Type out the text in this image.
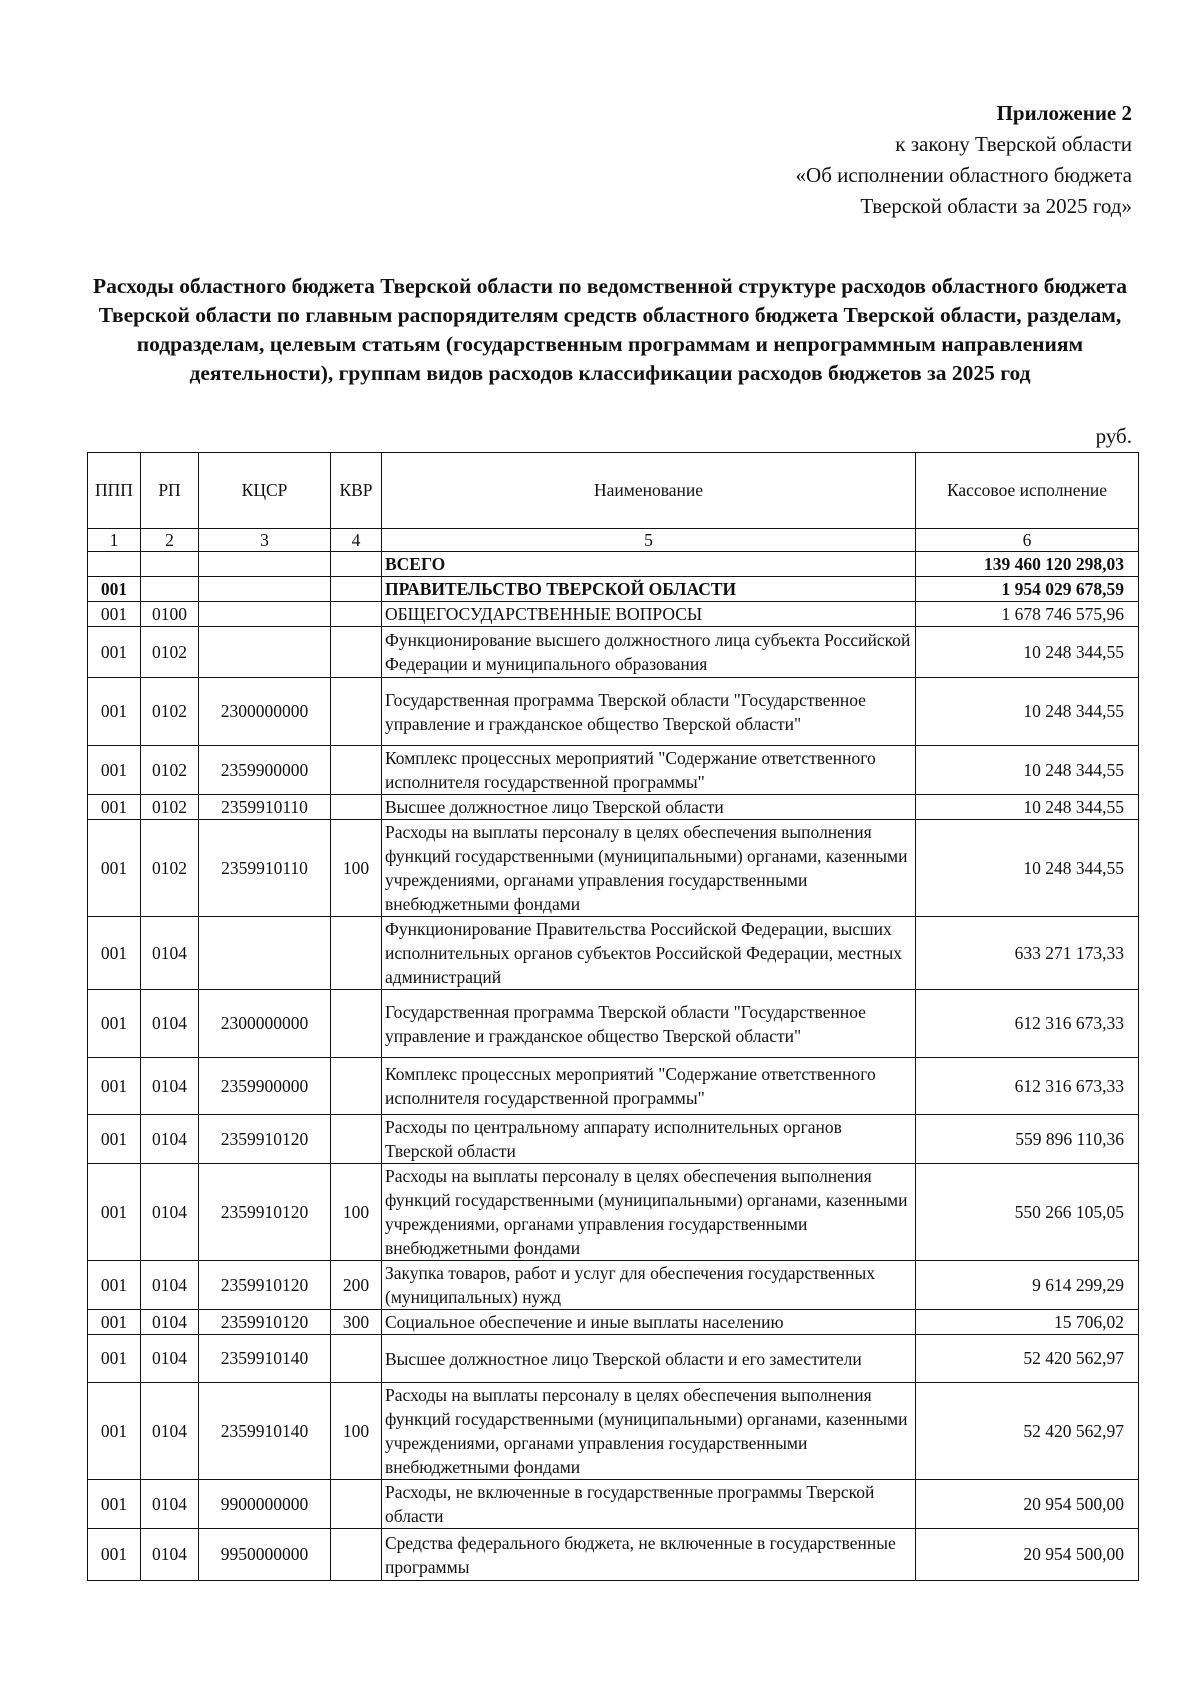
Приложение 2
к закону Тверской области
«Об исполнении областного бюджета
Тверской области за 2025 год»
Расходы областного бюджета Тверской области по ведомственной структуре расходов областного бюджета Тверской области по главным распорядителям средств областного бюджета Тверской области, разделам, подразделам, целевым статьям (государственным программам и непрограммным направлениям деятельности), группам видов расходов классификации расходов бюджетов за 2025 год
руб.
ППП	РП	КЦСР	КВР	Наименование	Кассовое исполнение
1	2	3	4	5	6
				ВСЕГО	139 460 120 298,03
001				ПРАВИТЕЛЬСТВО ТВЕРСКОЙ ОБЛАСТИ	1 954 029 678,59
001	0100			ОБЩЕГОСУДАРСТВЕННЫЕ ВОПРОСЫ	1 678 746 575,96
001	0102			Функционирование высшего должностного лица субъекта Российской Федерации и муниципального образования	10 248 344,55
001	0102	2300000000		Государственная программа Тверской области "Государственное управление и гражданское общество Тверской области"	10 248 344,55
001	0102	2359900000		Комплекс процессных мероприятий "Содержание ответственного исполнителя государственной программы"	10 248 344,55
001	0102	2359910110		Высшее должностное лицо Тверской области	10 248 344,55
001	0102	2359910110	100	Расходы на выплаты персоналу в целях обеспечения выполнения функций государственными (муниципальными) органами, казенными учреждениями, органами управления государственными внебюджетными фондами	10 248 344,55
001	0104			Функционирование Правительства Российской Федерации, высших исполнительных органов субъектов Российской Федерации, местных администраций	633 271 173,33
001	0104	2300000000		Государственная программа Тверской области "Государственное управление и гражданское общество Тверской области"	612 316 673,33
001	0104	2359900000		Комплекс процессных мероприятий "Содержание ответственного исполнителя государственной программы"	612 316 673,33
001	0104	2359910120		Расходы по центральному аппарату исполнительных органов Тверской области	559 896 110,36
001	0104	2359910120	100	Расходы на выплаты персоналу в целях обеспечения выполнения функций государственными (муниципальными) органами, казенными учреждениями, органами управления государственными внебюджетными фондами	550 266 105,05
001	0104	2359910120	200	Закупка товаров, работ и услуг для обеспечения государственных (муниципальных) нужд	9 614 299,29
001	0104	2359910120	300	Социальное обеспечение и иные выплаты населению	15 706,02
001	0104	2359910140		Высшее должностное лицо Тверской области и его заместители	52 420 562,97
001	0104	2359910140	100	Расходы на выплаты персоналу в целях обеспечения выполнения функций государственными (муниципальными) органами, казенными учреждениями, органами управления государственными внебюджетными фондами	52 420 562,97
001	0104	9900000000		Расходы, не включенные в государственные программы Тверской области	20 954 500,00
001	0104	9950000000		Средства федерального бюджета, не включенные в государственные программы	20 954 500,00
